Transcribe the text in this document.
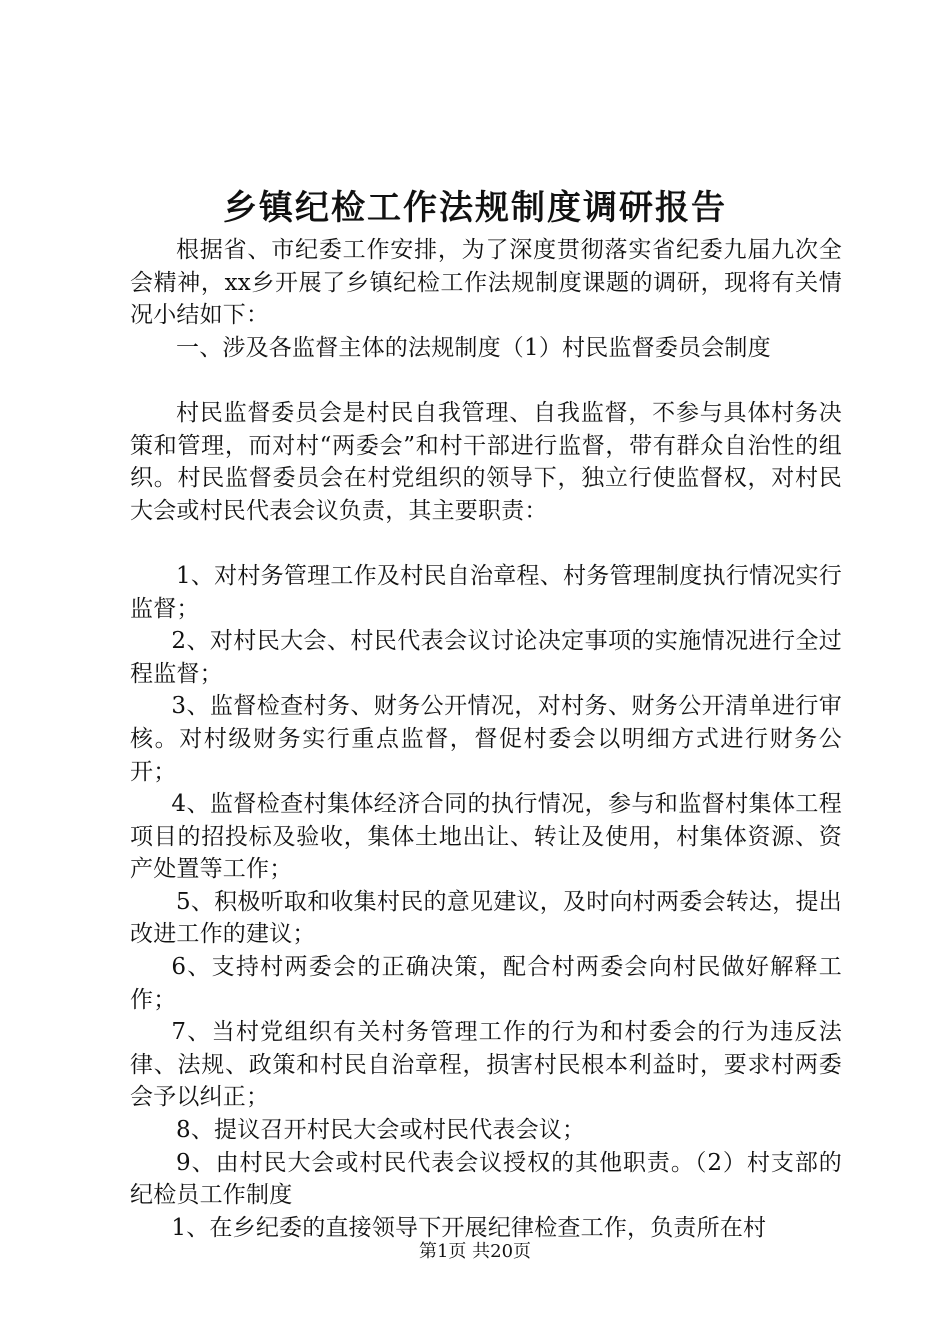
乡镇纪检工作法规制度调研报告

根据省、市纪委工作安排，为了深度贯彻落实省纪委九届九次全会精神，xx乡开展了乡镇纪检工作法规制度课题的调研，现将有关情况小结如下：

一、涉及各监督主体的法规制度（1）村民监督委员会制度

村民监督委员会是村民自我管理、自我监督，不参与具体村务决策和管理，而对村“两委会”和村干部进行监督，带有群众自治性的组织。村民监督委员会在村党组织的领导下，独立行使监督权，对村民大会或村民代表会议负责，其主要职责：

1、对村务管理工作及村民自治章程、村务管理制度执行情况实行监督；

2、对村民大会、村民代表会议讨论决定事项的实施情况进行全过程监督；

3、监督检查村务、财务公开情况，对村务、财务公开清单进行审核。对村级财务实行重点监督，督促村委会以明细方式进行财务公开；

4、监督检查村集体经济合同的执行情况，参与和监督村集体工程项目的招投标及验收，集体土地出让、转让及使用，村集体资源、资产处置等工作；

5、积极听取和收集村民的意见建议，及时向村两委会转达，提出改进工作的建议；

6、支持村两委会的正确决策，配合村两委会向村民做好解释工作；

7、当村党组织有关村务管理工作的行为和村委会的行为违反法律、法规、政策和村民自治章程，损害村民根本利益时，要求村两委会予以纠正；

8、提议召开村民大会或村民代表会议；

9、由村民大会或村民代表会议授权的其他职责。（2）村支部的纪检员工作制度

1、在乡纪委的直接领导下开展纪律检查工作，负责所在村

第1页 共20页
